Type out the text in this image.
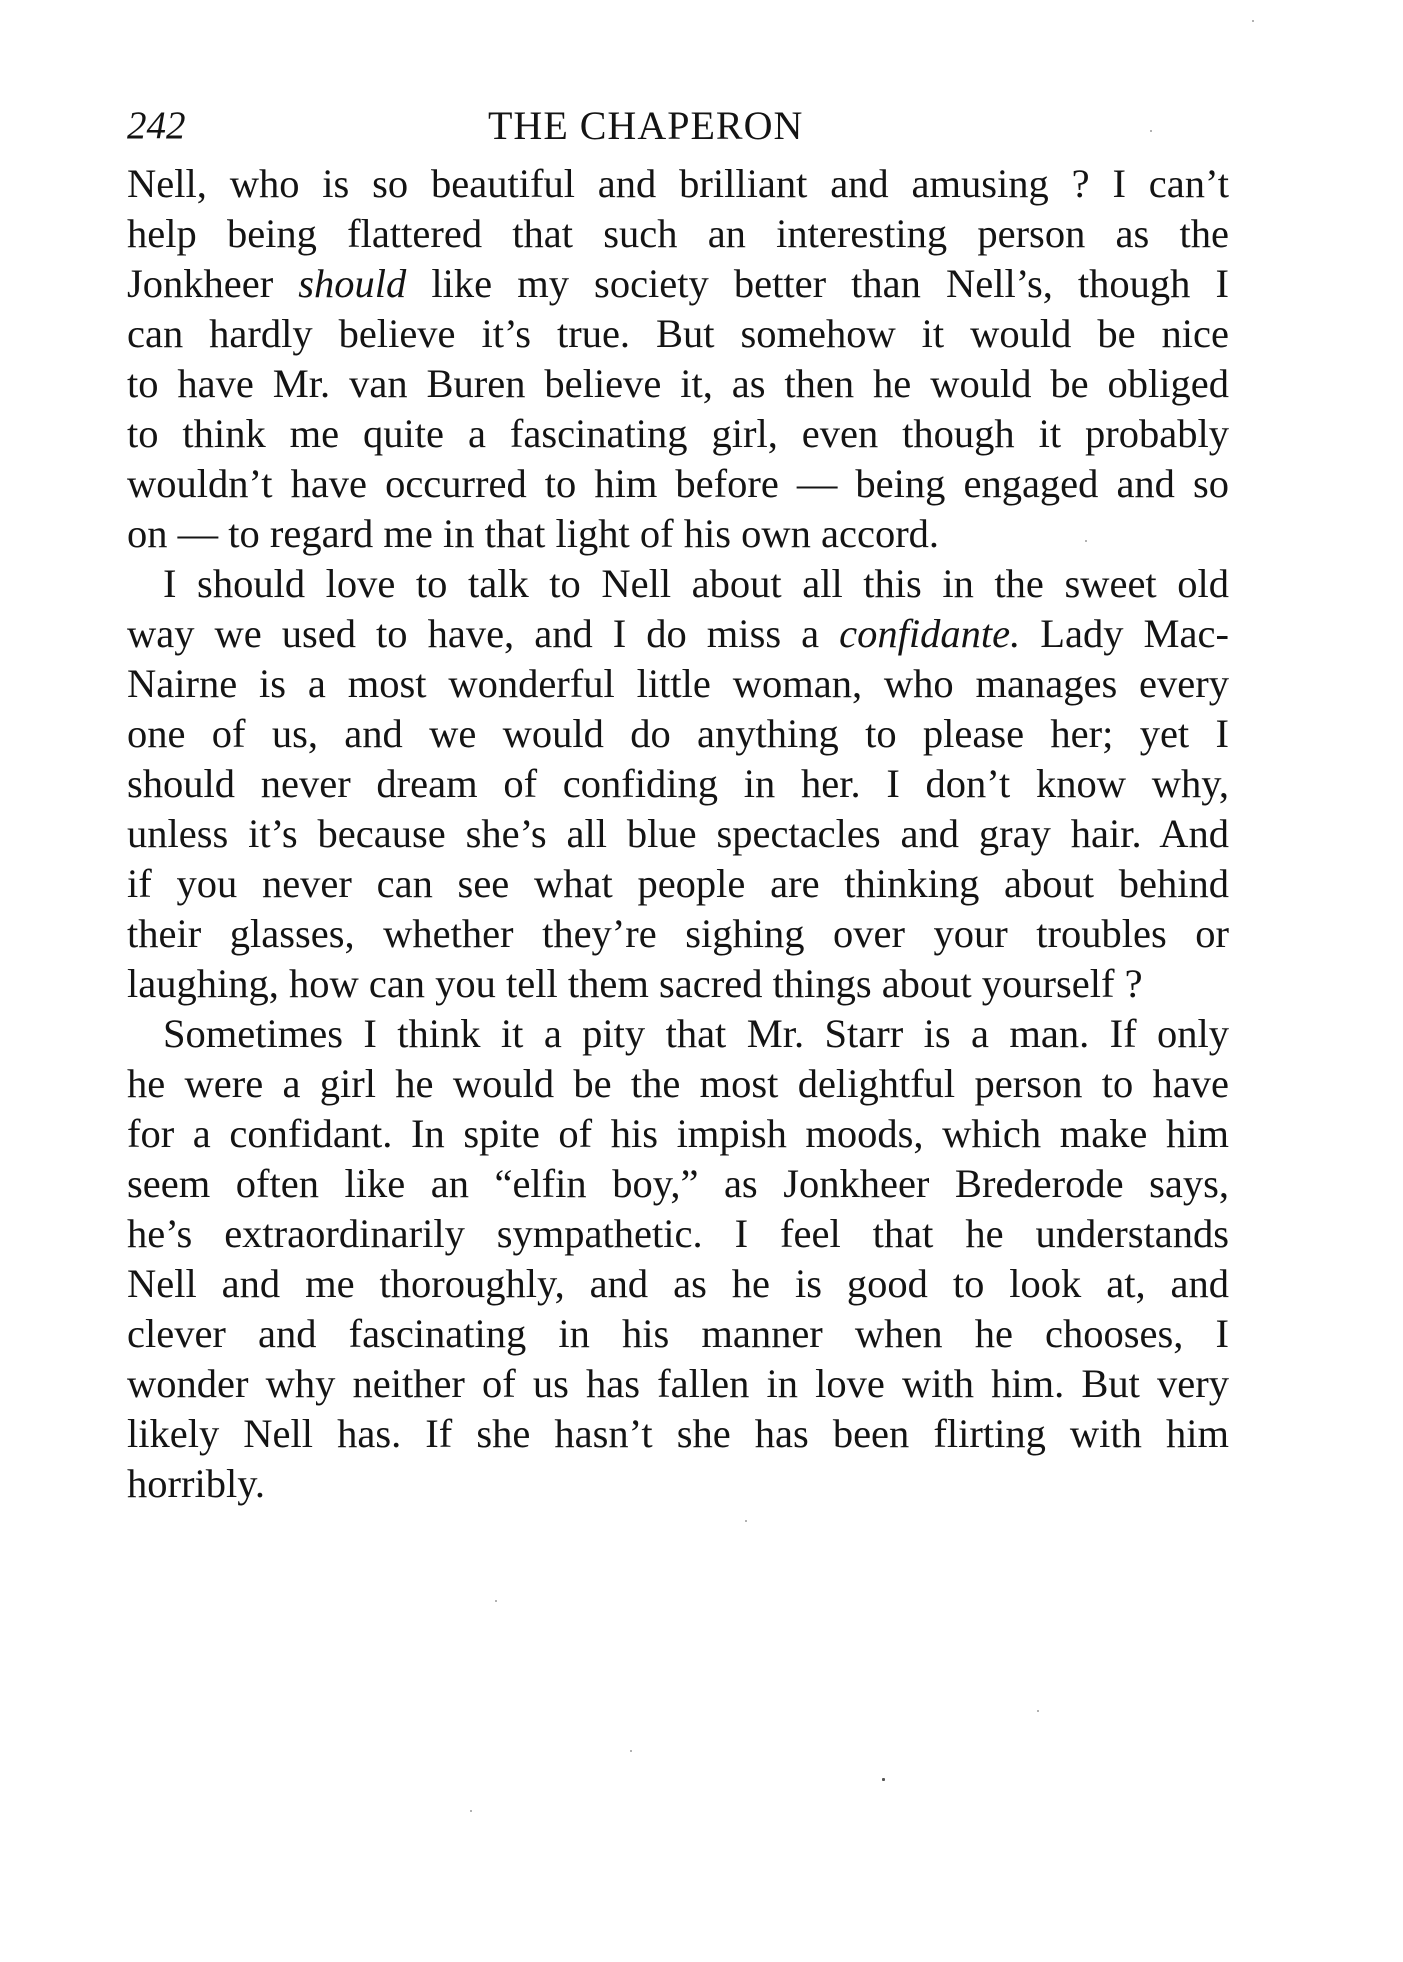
242	THE CHAPERON
Nell, who is so beautiful and brilliant and amusing ? I can’t
help being flattered that such an interesting person as the
Jonkheer should like my society better than Nell’s, though I
can hardly believe it’s true. But somehow it would be nice
to have Mr. van Buren believe it, as then he would be obliged
to think me quite a fascinating girl, even though it probably
wouldn’t have occurred to him before — being engaged and so
on — to regard me in that light of his own accord.
I should love to talk to Nell about all this in the sweet old
way we used to have, and I do miss a confidante. Lady Mac-
Nairne is a most wonderful little woman, who manages every
one of us, and we would do anything to please her; yet I
should never dream of confiding in her. I don’t know why,
unless it’s because she’s all blue spectacles and gray hair. And
if you never can see what people are thinking about behind
their glasses, whether they’re sighing over your troubles or
laughing, how can you tell them sacred things about yourself ?
Sometimes I think it a pity that Mr. Starr is a man. If only
he were a girl he would be the most delightful person to have
for a confidant. In spite of his impish moods, which make him
seem often like an “elfin boy,” as Jonkheer Brederode says,
he’s extraordinarily sympathetic. I feel that he understands
Nell and me thoroughly, and as he is good to look at, and
clever and fascinating in his manner when he chooses, I
wonder why neither of us has fallen in love with him. But very
likely Nell has. If she hasn’t she has been flirting with him
horribly.
